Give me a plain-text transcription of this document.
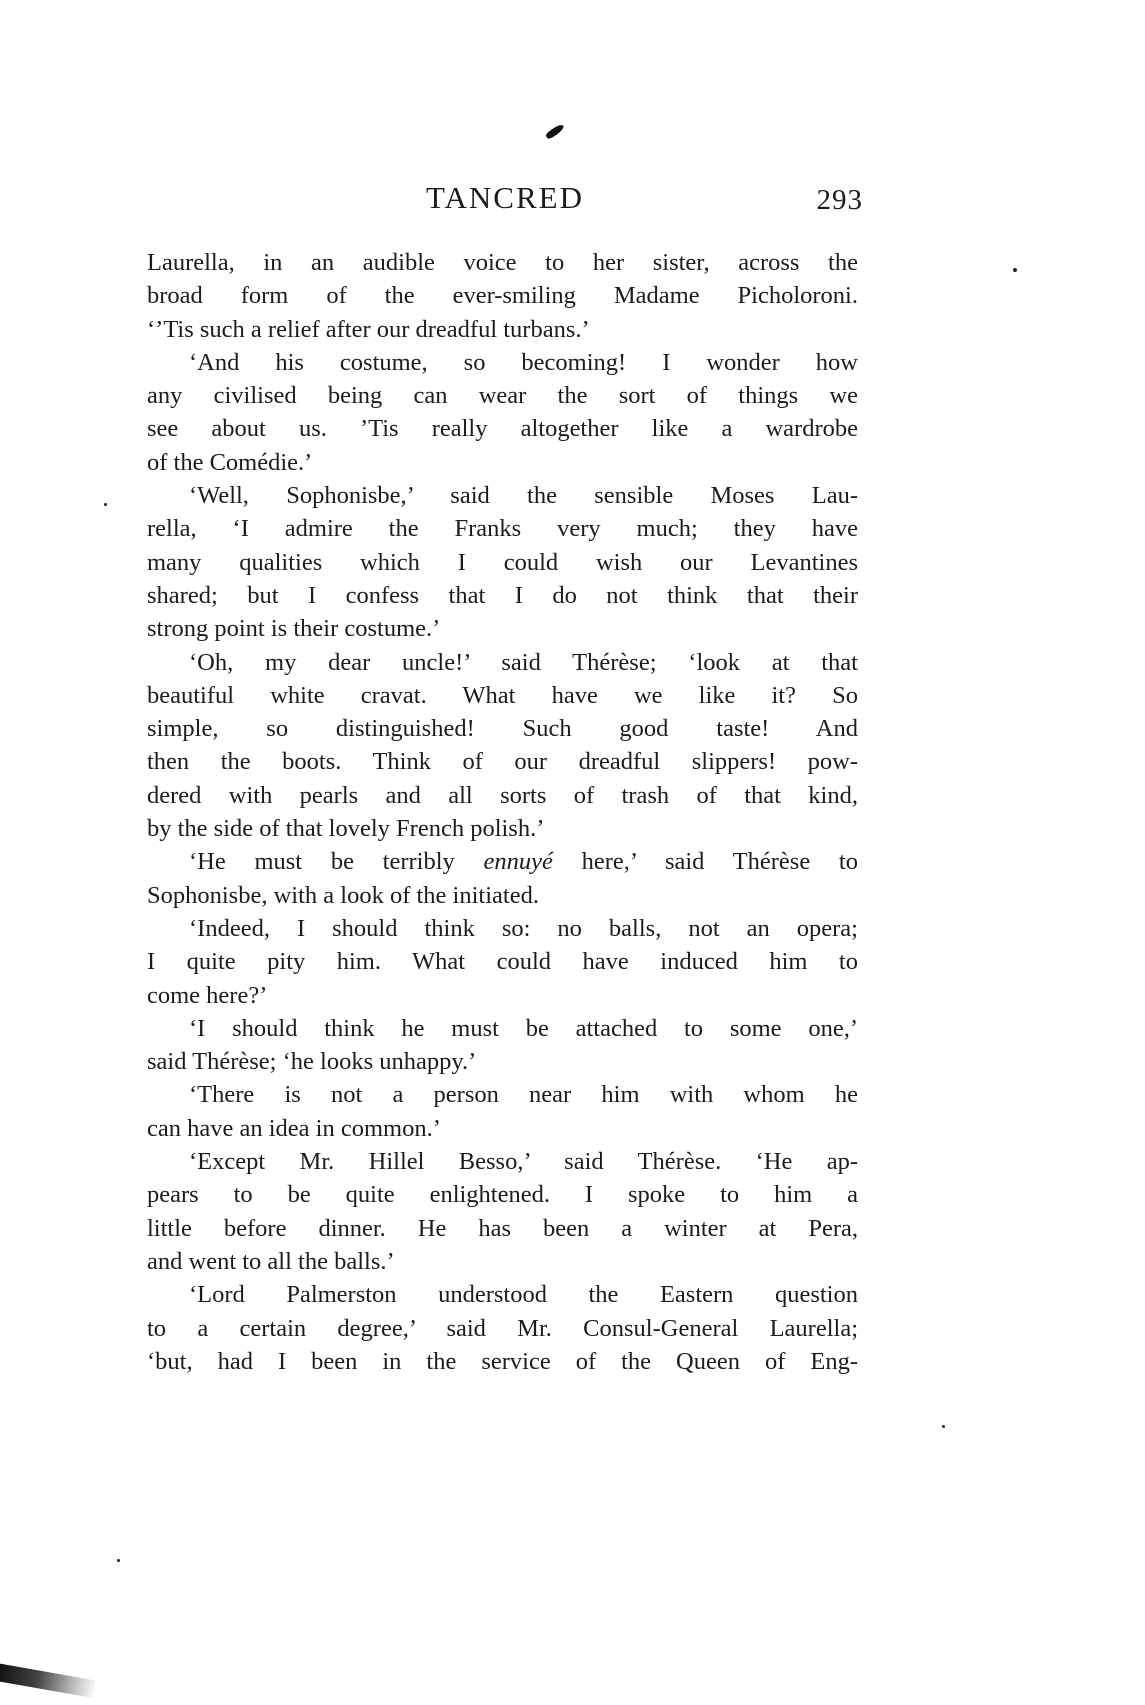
TANCRED	293
Laurella, in an audible voice to her sister, across the
broad form of the ever-smiling Madame Picholoroni.
‘’Tis such a relief after our dreadful turbans.’
‘And his costume, so becoming! I wonder how
any civilised being can wear the sort of things we
see about us. ’Tis really altogether like a wardrobe
of the Comédie.’
‘Well, Sophonisbe,’ said the sensible Moses Lau-
rella, ‘I admire the Franks very much; they have
many qualities which I could wish our Levantines
shared; but I confess that I do not think that their
strong point is their costume.’
‘Oh, my dear uncle!’ said Thérèse; ‘look at that
beautiful white cravat. What have we like it? So
simple, so distinguished! Such good taste! And
then the boots. Think of our dreadful slippers! pow-
dered with pearls and all sorts of trash of that kind,
by the side of that lovely French polish.’
‘He must be terribly ennuyé here,’ said Thérèse to
Sophonisbe, with a look of the initiated.
‘Indeed, I should think so: no balls, not an opera;
I quite pity him. What could have induced him to
come here?’
‘I should think he must be attached to some one,’
said Thérèse; ‘he looks unhappy.’
‘There is not a person near him with whom he
can have an idea in common.’
‘Except Mr. Hillel Besso,’ said Thérèse. ‘He ap-
pears to be quite enlightened. I spoke to him a
little before dinner. He has been a winter at Pera,
and went to all the balls.’
‘Lord Palmerston understood the Eastern question
to a certain degree,’ said Mr. Consul-General Laurella;
‘but, had I been in the service of the Queen of Eng-
